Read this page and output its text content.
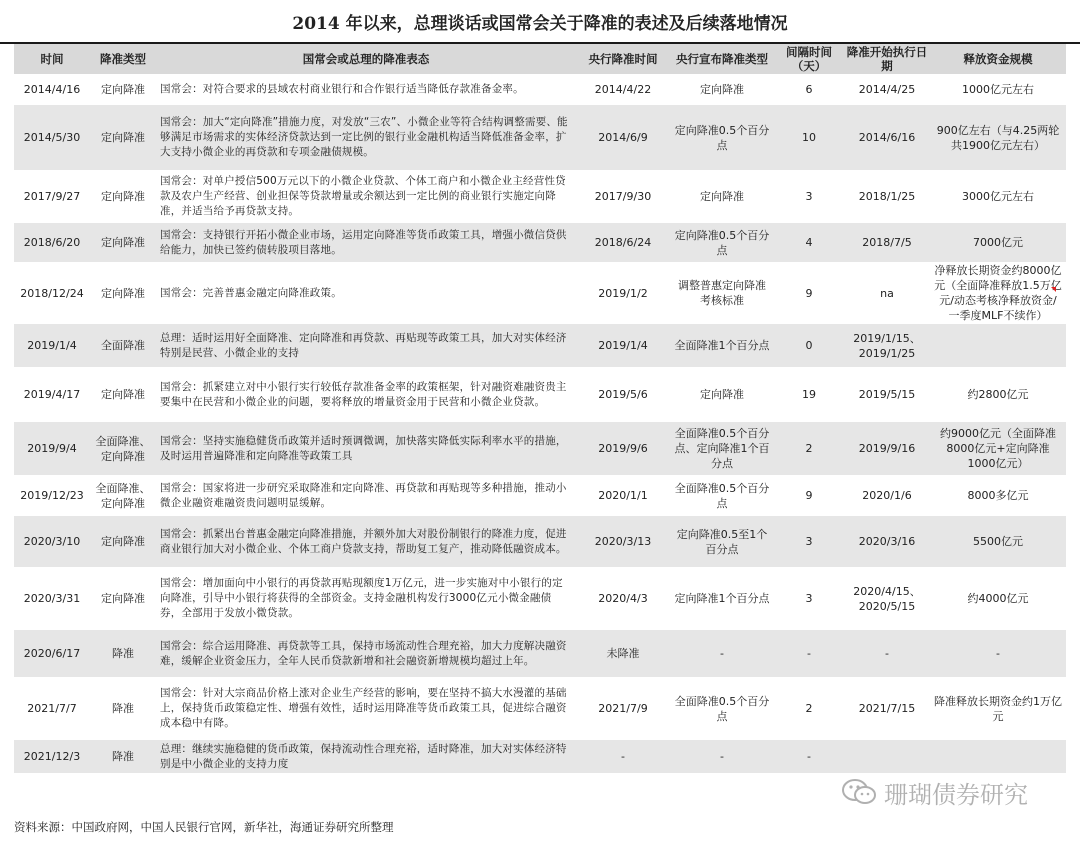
2014 年以来，总理谈话或国常会关于降准的表述及后续落地情况
时间	降准类型	国常会或总理的降准表态	央行降准时间	央行宣布降准类型	间隔时间（天）	降准开始执行日期	释放资金规模
2014/4/16	定向降准	国常会：对符合要求的县域农村商业银行和合作银行适当降低存款准备金率。	2014/4/22	定向降准	6	2014/4/25	1000亿元左右
2014/5/30	定向降准	国常会：加大“定向降准”措施力度，对发放“三农”、小微企业等符合结构调整需要、能够满足市场需求的实体经济贷款达到一定比例的银行业金融机构适当降低准备金率，扩大支持小微企业的再贷款和专项金融债规模。	2014/6/9	定向降准0.5个百分点	10	2014/6/16	900亿左右（与4.25两轮共1900亿元左右）
2017/9/27	定向降准	国常会：对单户授信500万元以下的小微企业贷款、个体工商户和小微企业主经营性贷款及农户生产经营、创业担保等贷款增量或余额达到一定比例的商业银行实施定向降准，并适当给予再贷款支持。	2017/9/30	定向降准	3	2018/1/25	3000亿元左右
2018/6/20	定向降准	国常会：支持银行开拓小微企业市场，运用定向降准等货币政策工具，增强小微信贷供给能力，加快已签约债转股项目落地。	2018/6/24	定向降准0.5个百分点	4	2018/7/5	7000亿元
2018/12/24	定向降准	国常会：完善普惠金融定向降准政策。	2019/1/2	调整普惠定向降准考核标准	9	na	净释放长期资金约8000亿元（全面降准释放1.5万亿元/动态考核净释放资金/一季度MLF不续作）
2019/1/4	全面降准	总理：适时运用好全面降准、定向降准和再贷款、再贴现等政策工具，加大对实体经济特别是民营、小微企业的支持	2019/1/4	全面降准1个百分点	0	2019/1/15、2019/1/25	
2019/4/17	定向降准	国常会：抓紧建立对中小银行实行较低存款准备金率的政策框架，针对融资难融资贵主要集中在民营和小微企业的问题，要将释放的增量资金用于民营和小微企业贷款。	2019/5/6	定向降准	19	2019/5/15	约2800亿元
2019/9/4	全面降准、定向降准	国常会：坚持实施稳健货币政策并适时预调微调，加快落实降低实际利率水平的措施，及时运用普遍降准和定向降准等政策工具	2019/9/6	全面降准0.5个百分点、定向降准1个百分点	2	2019/9/16	约9000亿元（全面降准8000亿元+定向降准1000亿元）
2019/12/23	全面降准、定向降准	国常会：国家将进一步研究采取降准和定向降准、再贷款和再贴现等多种措施，推动小微企业融资难融资贵问题明显缓解。	2020/1/1	全面降准0.5个百分点	9	2020/1/6	8000多亿元
2020/3/10	定向降准	国常会：抓紧出台普惠金融定向降准措施，并额外加大对股份制银行的降准力度，促进商业银行加大对小微企业、个体工商户贷款支持，帮助复工复产，推动降低融资成本。	2020/3/13	定向降准0.5至1个百分点	3	2020/3/16	5500亿元
2020/3/31	定向降准	国常会：增加面向中小银行的再贷款再贴现额度1万亿元，进一步实施对中小银行的定向降准，引导中小银行将获得的全部资金。支持金融机构发行3000亿元小微金融债券，全部用于发放小微贷款。	2020/4/3	定向降准1个百分点	3	2020/4/15、2020/5/15	约4000亿元
2020/6/17	降准	国常会：综合运用降准、再贷款等工具，保持市场流动性合理充裕，加大力度解决融资难，缓解企业资金压力，全年人民币贷款新增和社会融资新增规模均超过上年。	未降准	-	-	-	-
2021/7/7	降准	国常会：针对大宗商品价格上涨对企业生产经营的影响，要在坚持不搞大水漫灌的基础上，保持货币政策稳定性、增强有效性，适时运用降准等货币政策工具，促进综合融资成本稳中有降。	2021/7/9	全面降准0.5个百分点	2	2021/7/15	降准释放长期资金约1万亿元
2021/12/3	降准	总理：继续实施稳健的货币政策，保持流动性合理充裕，适时降准，加大对实体经济特别是中小微企业的支持力度	-	-	-		
珊瑚债券研究
资料来源：中国政府网，中国人民银行官网，新华社，海通证券研究所整理
